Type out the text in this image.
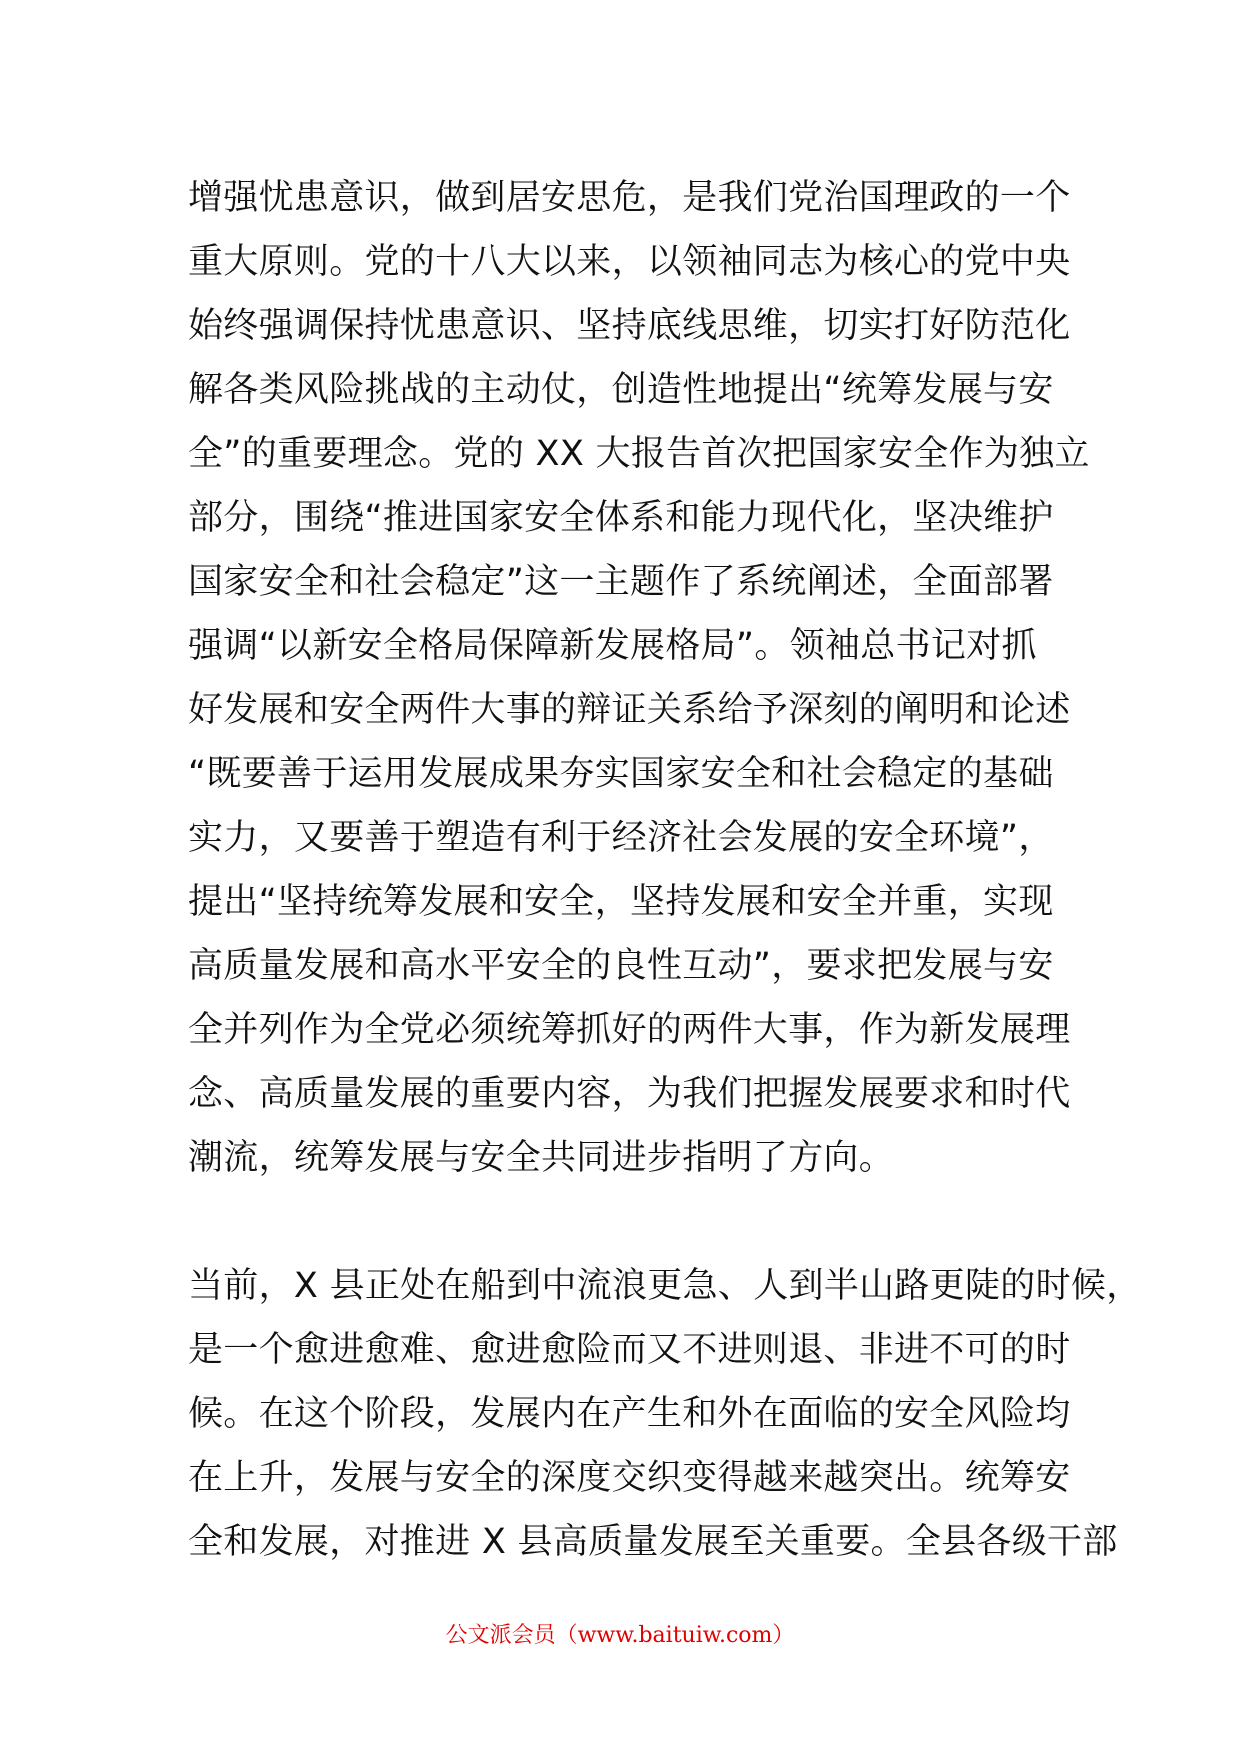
增强忧患意识，做到居安思危，是我们党治国理政的一个
重大原则。党的十八大以来，以领袖同志为核心的党中央
始终强调保持忧患意识、坚持底线思维，切实打好防范化
解各类风险挑战的主动仗，创造性地提出“统筹发展与安
全”的重要理念。党的 XX 大报告首次把国家安全作为独立
部分，围绕“推进国家安全体系和能力现代化，坚决维护
国家安全和社会稳定”这一主题作了系统阐述，全面部署
强调“以新安全格局保障新发展格局”。领袖总书记对抓
好发展和安全两件大事的辩证关系给予深刻的阐明和论述
“既要善于运用发展成果夯实国家安全和社会稳定的基础
实力，又要善于塑造有利于经济社会发展的安全环境”，
提出“坚持统筹发展和安全，坚持发展和安全并重，实现
高质量发展和高水平安全的良性互动”，要求把发展与安
全并列作为全党必须统筹抓好的两件大事，作为新发展理
念、高质量发展的重要内容，为我们把握发展要求和时代
潮流，统筹发展与安全共同进步指明了方向。
当前，X 县正处在船到中流浪更急、人到半山路更陡的时候，
是一个愈进愈难、愈进愈险而又不进则退、非进不可的时
候。在这个阶段，发展内在产生和外在面临的安全风险均
在上升，发展与安全的深度交织变得越来越突出。统筹安
全和发展，对推进 X 县高质量发展至关重要。全县各级干部
公文派会员（www.baituiw.com）
